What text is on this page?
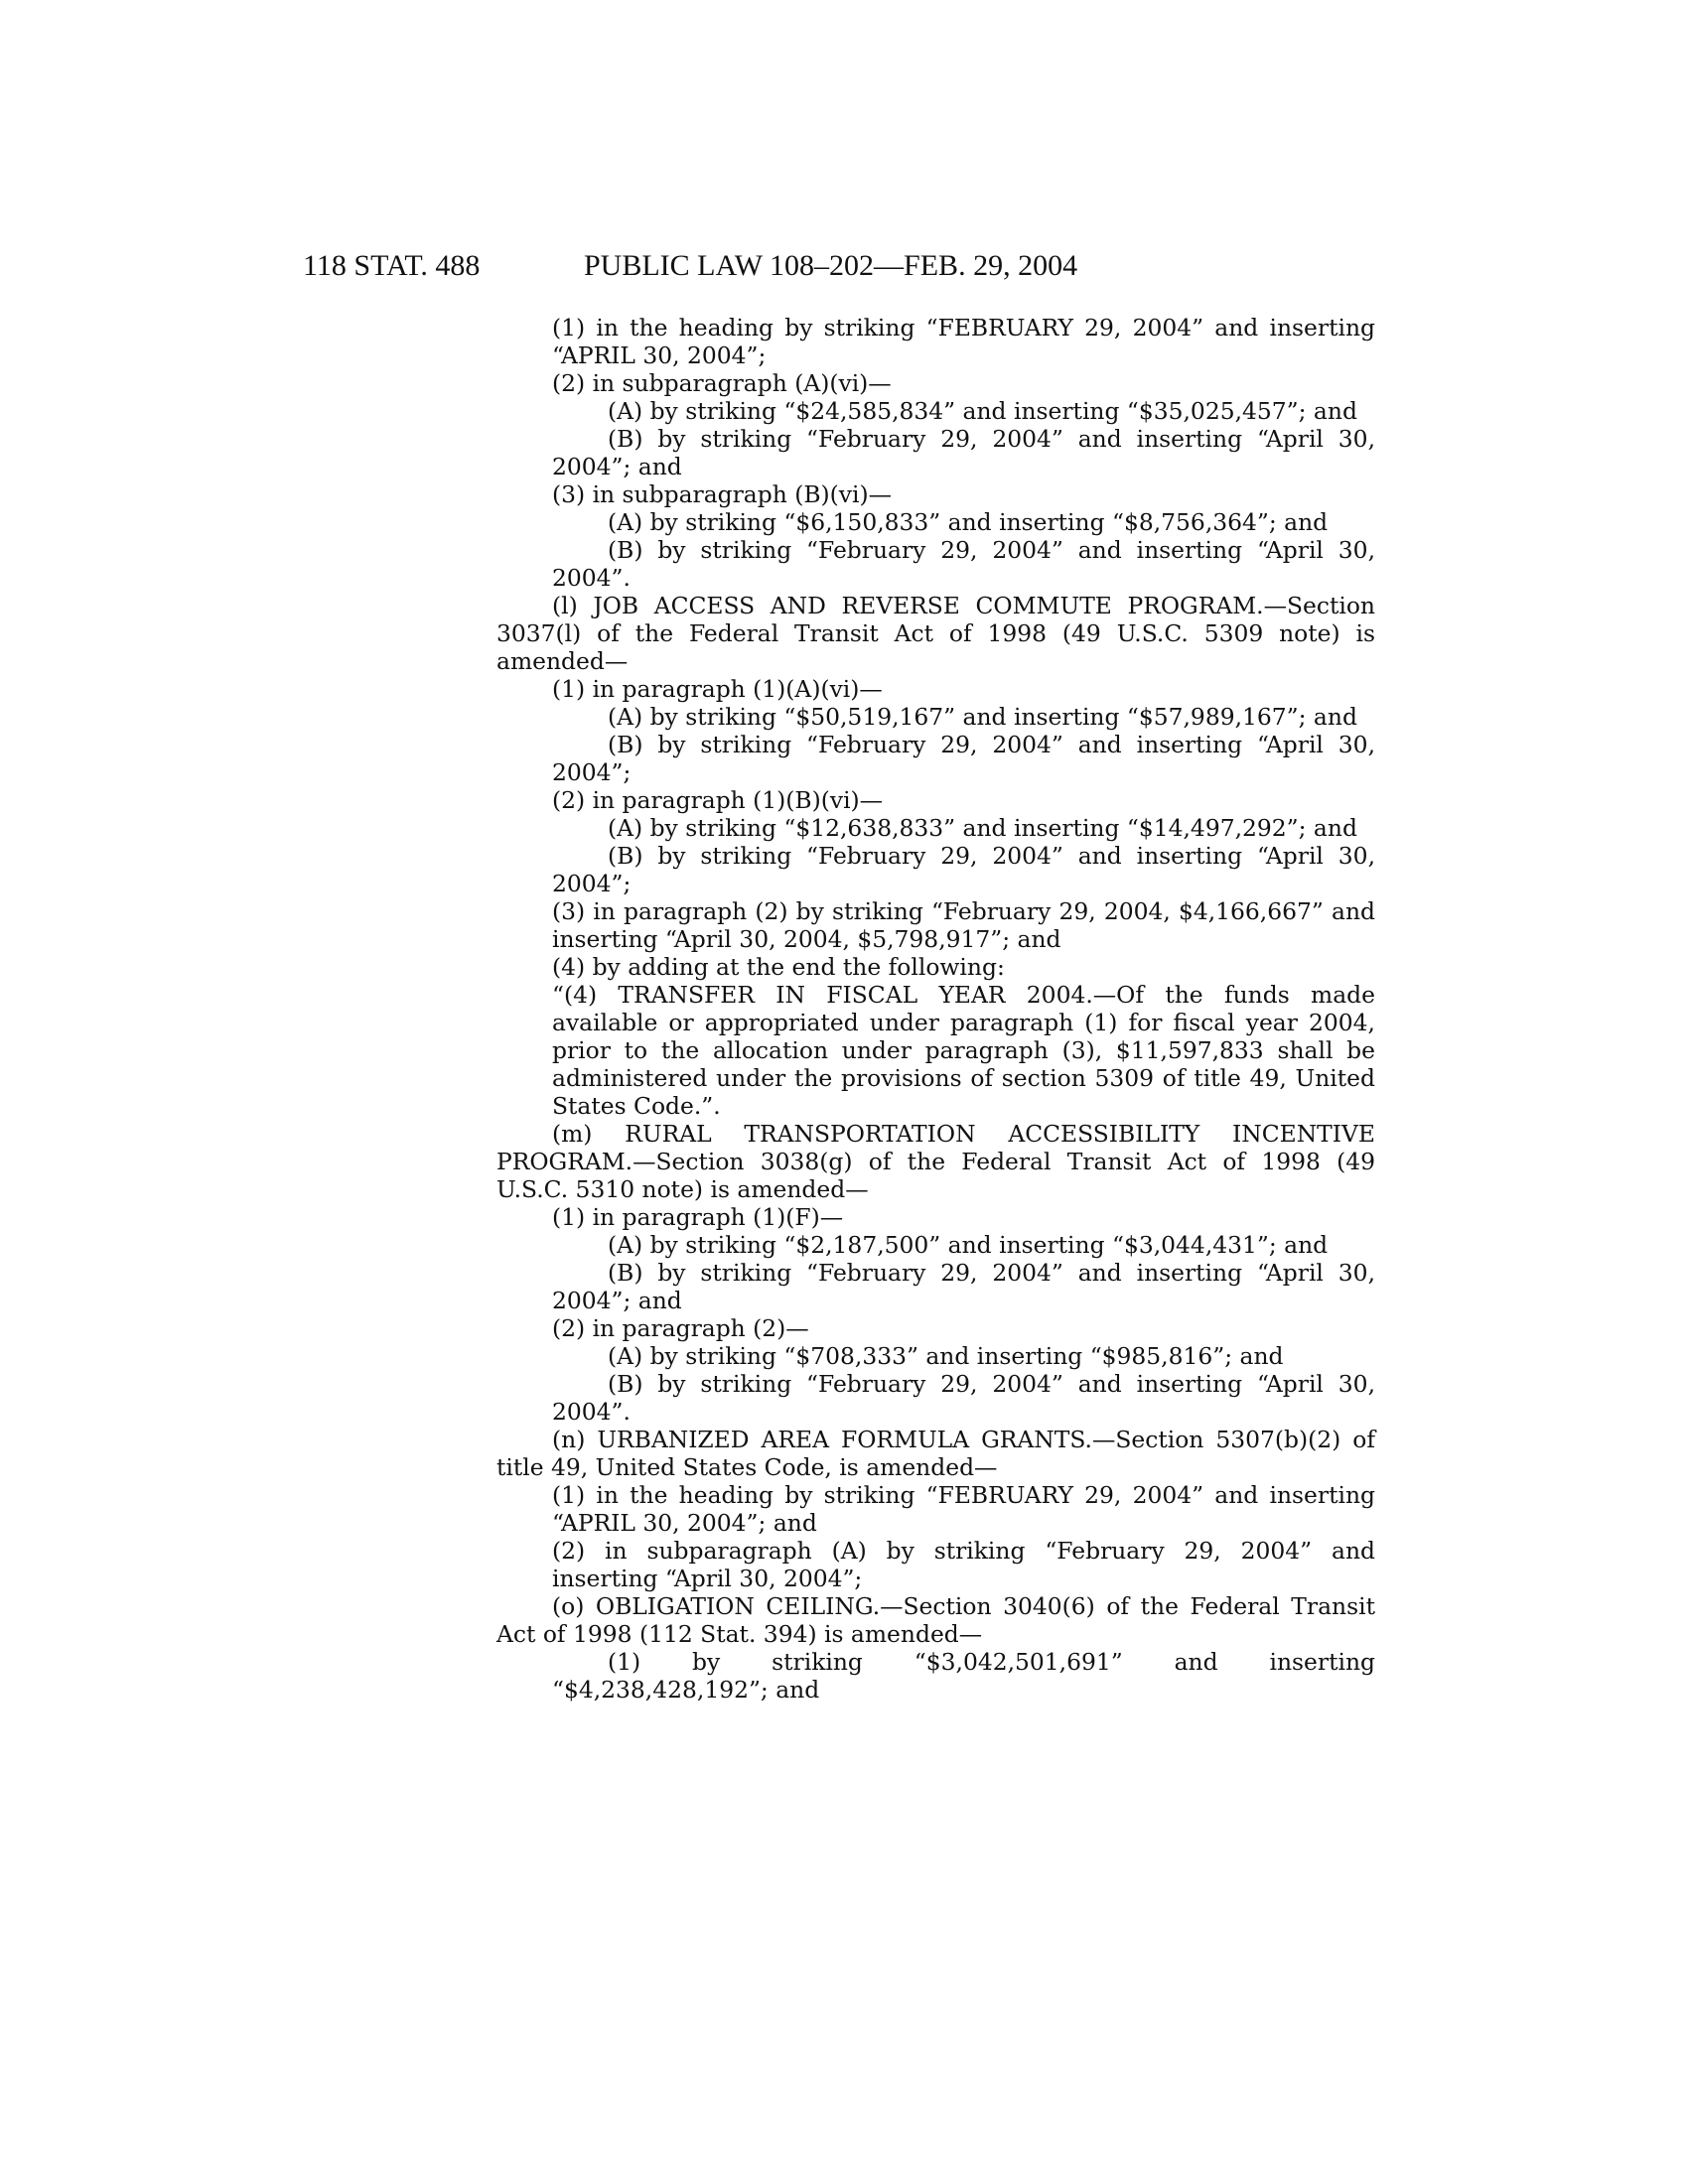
118 STAT. 488	PUBLIC LAW 108–202—FEB. 29, 2004

(1) in the heading by striking “FEBRUARY 29, 2004” and inserting “APRIL 30, 2004”;

(2) in subparagraph (A)(vi)—

(A) by striking “$24,585,834” and inserting “$35,025,457”; and

(B) by striking “February 29, 2004” and inserting “April 30, 2004”; and

(3) in subparagraph (B)(vi)—

(A) by striking “$6,150,833” and inserting “$8,756,364”; and

(B) by striking “February 29, 2004” and inserting “April 30, 2004”.

(l) JOB ACCESS AND REVERSE COMMUTE PROGRAM.—Section 3037(l) of the Federal Transit Act of 1998 (49 U.S.C. 5309 note) is amended—

(1) in paragraph (1)(A)(vi)—

(A) by striking “$50,519,167” and inserting “$57,989,167”; and

(B) by striking “February 29, 2004” and inserting “April 30, 2004”;

(2) in paragraph (1)(B)(vi)—

(A) by striking “$12,638,833” and inserting “$14,497,292”; and

(B) by striking “February 29, 2004” and inserting “April 30, 2004”;

(3) in paragraph (2) by striking “February 29, 2004, $4,166,667” and inserting “April 30, 2004, $5,798,917”; and

(4) by adding at the end the following:

“(4) TRANSFER IN FISCAL YEAR 2004.—Of the funds made available or appropriated under paragraph (1) for fiscal year 2004, prior to the allocation under paragraph (3), $11,597,833 shall be administered under the provisions of section 5309 of title 49, United States Code.”.

(m) RURAL TRANSPORTATION ACCESSIBILITY INCENTIVE PROGRAM.—Section 3038(g) of the Federal Transit Act of 1998 (49 U.S.C. 5310 note) is amended—

(1) in paragraph (1)(F)—

(A) by striking “$2,187,500” and inserting “$3,044,431”; and

(B) by striking “February 29, 2004” and inserting “April 30, 2004”; and

(2) in paragraph (2)—

(A) by striking “$708,333” and inserting “$985,816”; and

(B) by striking “February 29, 2004” and inserting “April 30, 2004”.

(n) URBANIZED AREA FORMULA GRANTS.—Section 5307(b)(2) of title 49, United States Code, is amended—

(1) in the heading by striking “FEBRUARY 29, 2004” and inserting “APRIL 30, 2004”; and

(2) in subparagraph (A) by striking “February 29, 2004” and inserting “April 30, 2004”;

(o) OBLIGATION CEILING.—Section 3040(6) of the Federal Transit Act of 1998 (112 Stat. 394) is amended—

(1) by striking “$3,042,501,691” and inserting “$4,238,428,192”; and
